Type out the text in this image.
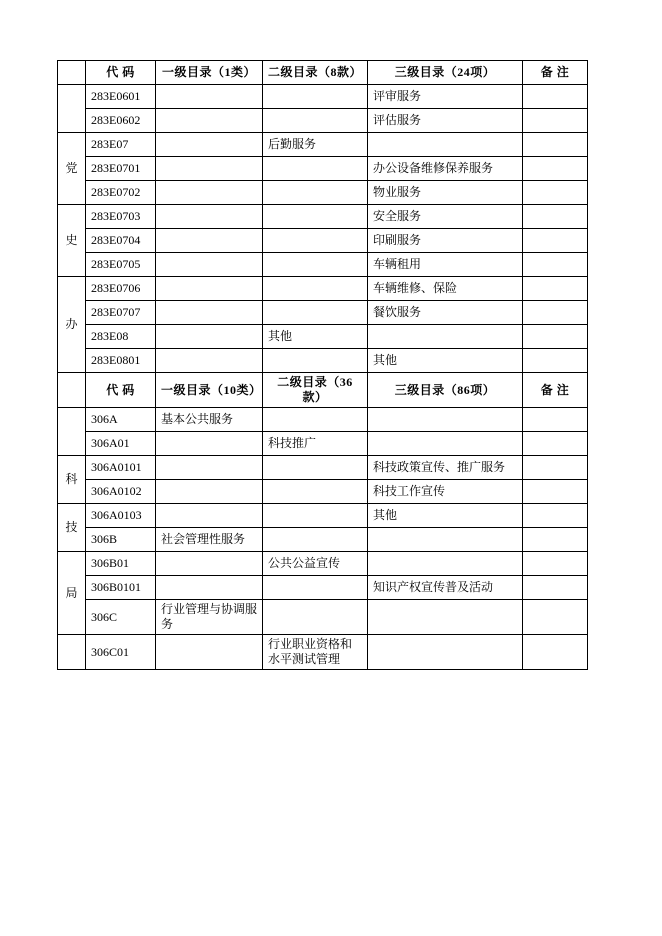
	代 码	一级目录（1类）	二级目录（8款）	三级目录（24项）	备 注
	283E0601			评审服务	
	283E0602			评估服务	
党	283E07		后勤服务		
	283E0701			办公设备维修保养服务	
	283E0702			物业服务	
史	283E0703			安全服务	
	283E0704			印刷服务	
	283E0705			车辆租用	
办	283E0706			车辆维修、保险	
	283E0707			餐饮服务	
	283E08		其他		
	283E0801			其他	
	代 码	一级目录（10类）	二级目录（36款）	三级目录（86项）	备 注
	306A	基本公共服务			
	306A01		科技推广		
科	306A0101			科技政策宣传、推广服务	
	306A0102			科技工作宣传	
技	306A0103			其他	
	306B	社会管理性服务			
局	306B01		公共公益宣传		
	306B0101			知识产权宣传普及活动	
	306C	行业管理与协调服务			
	306C01		行业职业资格和水平测试管理		
